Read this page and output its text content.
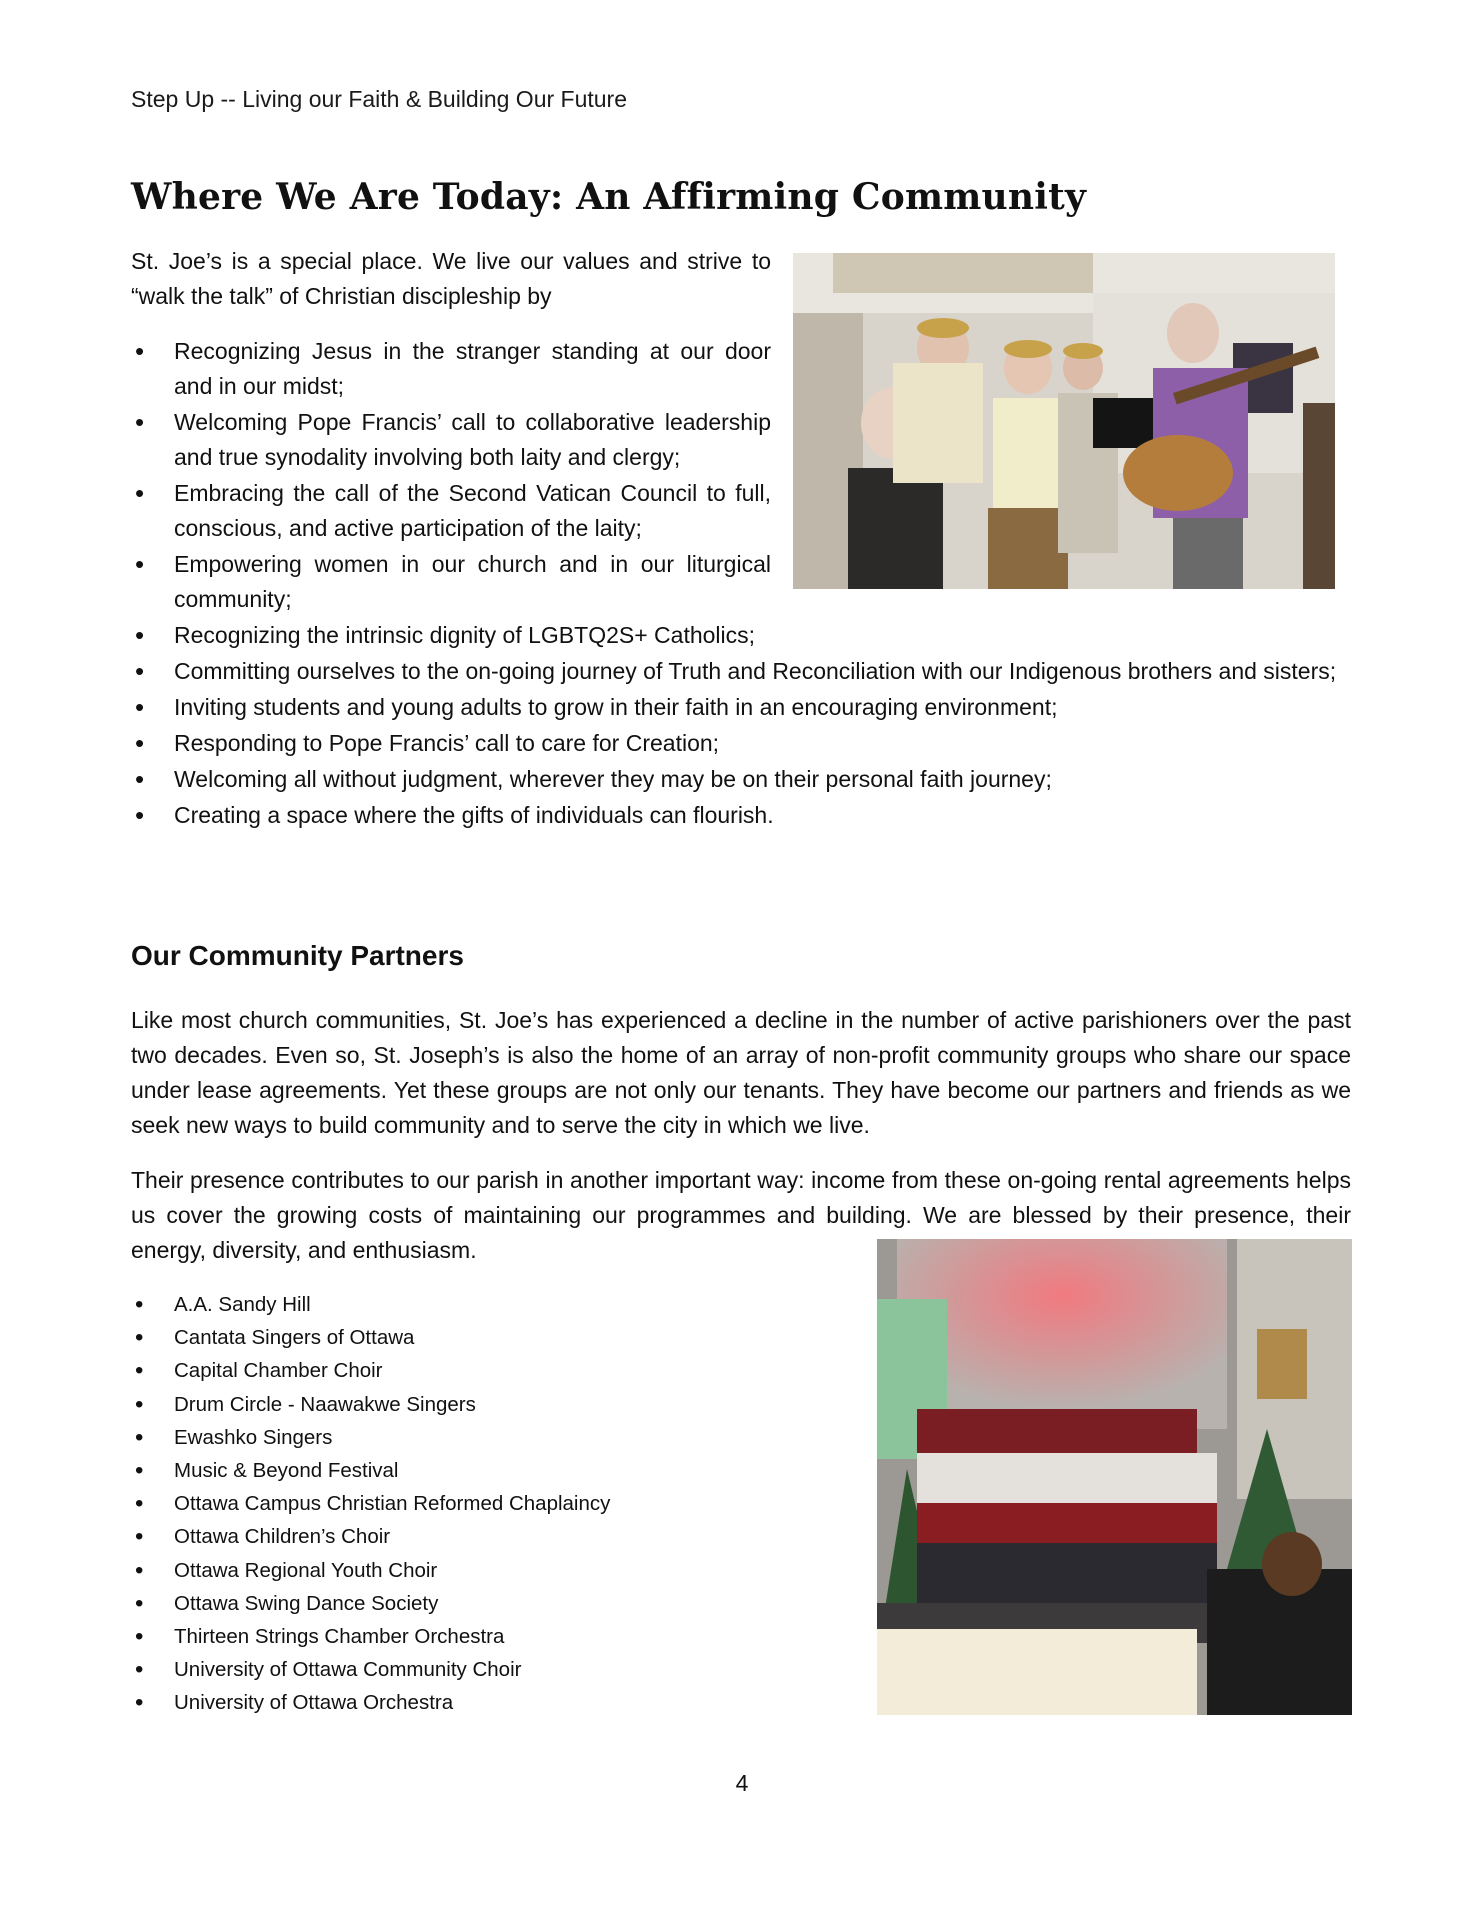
Step Up -- Living our Faith & Building Our Future
Where We Are Today: An Affirming Community

St. Joe’s is a special place. We live our values and strive to “walk the talk” of Christian discipleship by

• Recognizing Jesus in the stranger standing at our door and in our midst;
• Welcoming Pope Francis’ call to collaborative leadership and true synodality involving both laity and clergy;
• Embracing the call of the Second Vatican Council to full, conscious, and active participation of the laity;
• Empowering women in our church and in our liturgical community;
• Recognizing the intrinsic dignity of LGBTQ2S+ Catholics;
• Committing ourselves to the on-going journey of Truth and Reconciliation with our Indigenous brothers and sisters;
• Inviting students and young adults to grow in their faith in an encouraging environment;
• Responding to Pope Francis’ call to care for Creation;
• Welcoming all without judgment, wherever they may be on their personal faith journey;
• Creating a space where the gifts of individuals can flourish.
Our Community Partners

Like most church communities, St. Joe’s has experienced a decline in the number of active parishioners over the past two decades. Even so, St. Joseph’s is also the home of an array of non-profit community groups who share our space under lease agreements. Yet these groups are not only our tenants. They have become our partners and friends as we seek new ways to build community and to serve the city in which we live.

Their presence contributes to our parish in another important way: income from these on-going rental agreements helps us cover the growing costs of maintaining our programmes and building. We are blessed by their presence, their energy, diversity, and enthusiasm.

• A.A. Sandy Hill
• Cantata Singers of Ottawa
• Capital Chamber Choir
• Drum Circle - Naawakwe Singers
• Ewashko Singers
• Music & Beyond Festival
• Ottawa Campus Christian Reformed Chaplaincy
• Ottawa Children’s Choir
• Ottawa Regional Youth Choir
• Ottawa Swing Dance Society
• Thirteen Strings Chamber Orchestra
• University of Ottawa Community Choir
• University of Ottawa Orchestra
4
